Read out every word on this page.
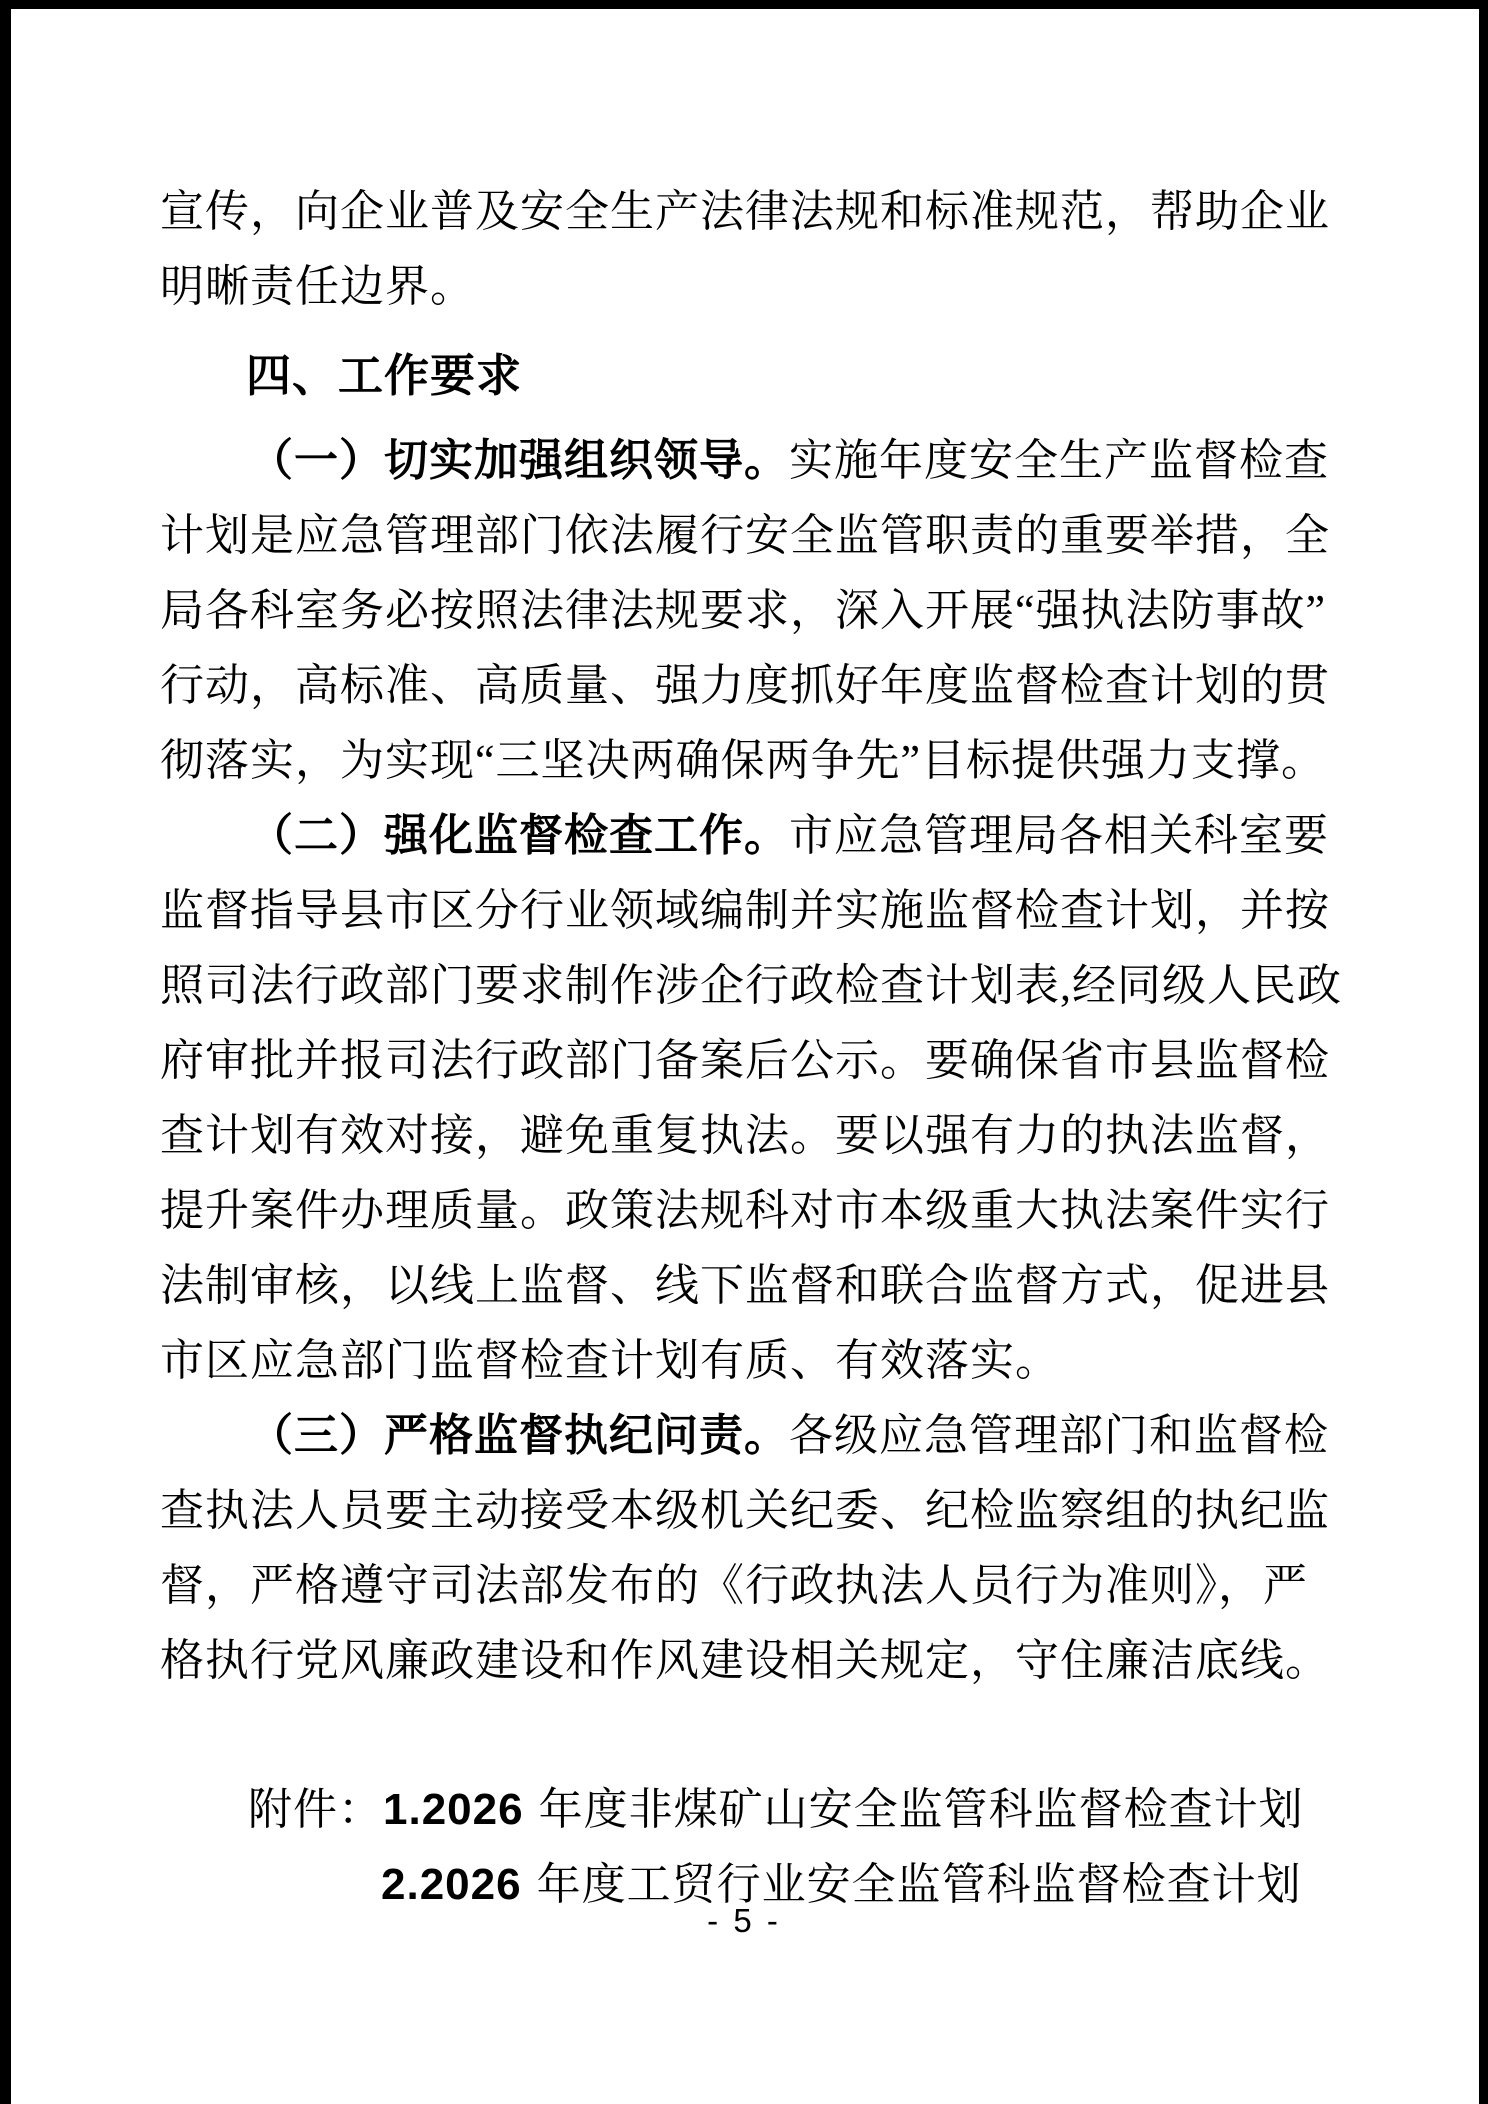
宣传，向企业普及安全生产法律法规和标准规范，帮助企业
明晰责任边界。
四、工作要求
（一）切实加强组织领导。实施年度安全生产监督检查
计划是应急管理部门依法履行安全监管职责的重要举措，全
局各科室务必按照法律法规要求，深入开展“强执法防事故”
行动，高标准、高质量、强力度抓好年度监督检查计划的贯
彻落实，为实现“三坚决两确保两争先”目标提供强力支撑。
（二）强化监督检查工作。市应急管理局各相关科室要
监督指导县市区分行业领域编制并实施监督检查计划，并按
照司法行政部门要求制作涉企行政检查计划表,经同级人民政
府审批并报司法行政部门备案后公示。要确保省市县监督检
查计划有效对接，避免重复执法。要以强有力的执法监督，
提升案件办理质量。政策法规科对市本级重大执法案件实行
法制审核，以线上监督、线下监督和联合监督方式，促进县
市区应急部门监督检查计划有质、有效落实。
（三）严格监督执纪问责。各级应急管理部门和监督检
查执法人员要主动接受本级机关纪委、纪检监察组的执纪监
督，严格遵守司法部发布的《行政执法人员行为准则》，严
格执行党风廉政建设和作风建设相关规定，守住廉洁底线。
附件：1.2026 年度非煤矿山安全监管科监督检查计划
2.2026 年度工贸行业安全监管科监督检查计划
- 5 -
